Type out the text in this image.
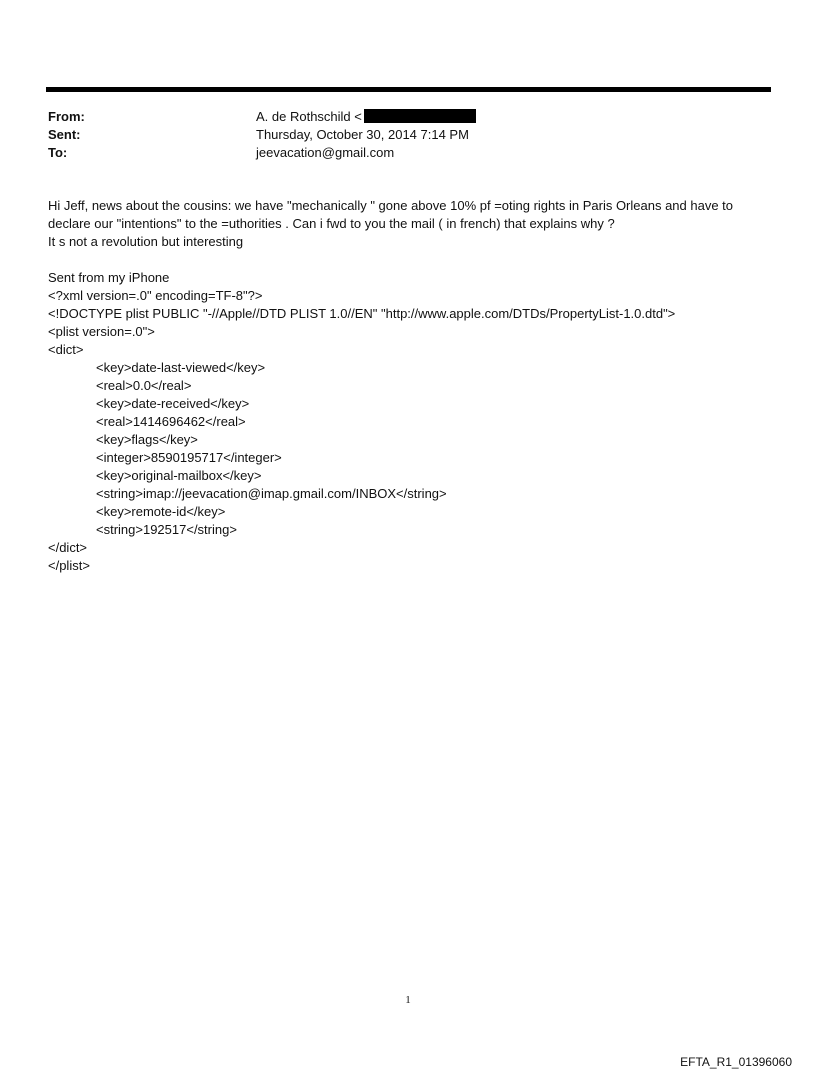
From:	A. de Rothschild <
Sent:	Thursday, October 30, 2014 7:14 PM
To:	jeevacation@gmail.com

Hi Jeff, news about the cousins: we have "mechanically " gone above 10% pf =oting rights in Paris Orleans and have to

declare our "intentions" to the =uthorities . Can i fwd to you the mail ( in french) that explains why ?

It s not a revolution but interesting

Sent from my iPhone

<?xml version=.0" encoding=TF-8"?>

<!DOCTYPE plist PUBLIC "-//Apple//DTD PLIST 1.0//EN" "http://www.apple.com/DTDs/PropertyList-1.0.dtd">

<plist version=.0">

<dict>

<key>date-last-viewed</key>

<real>0.0</real>

<key>date-received</key>

<real>1414696462</real>

<key>flags</key>

<integer>8590195717</integer>

<key>original-mailbox</key>

<string>imap://jeevacation@imap.gmail.com/INBOX</string>

<key>remote-id</key>

<string>192517</string>

</dict>

</plist>

1
EFTA_R1_01396060
